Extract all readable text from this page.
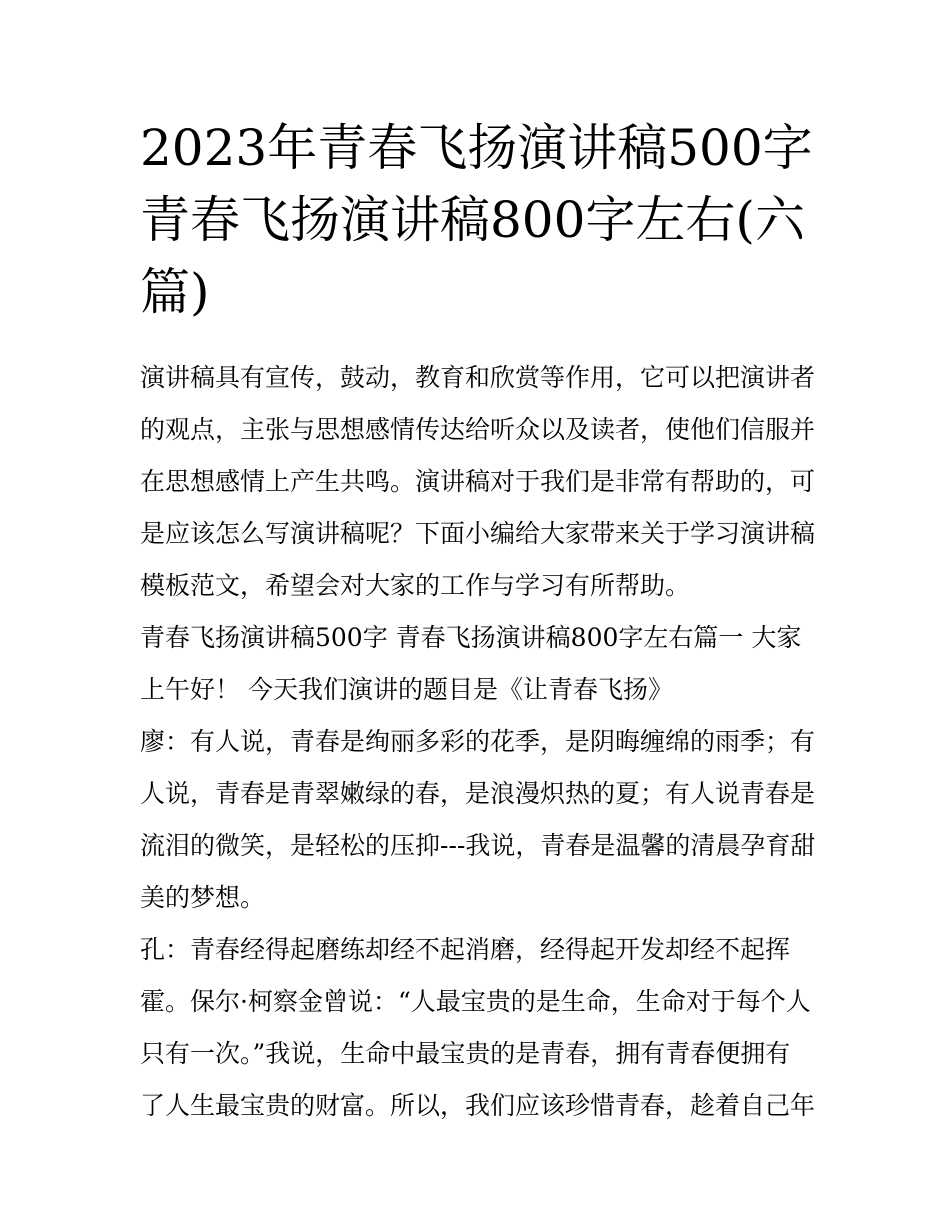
2023年青春飞扬演讲稿500字
青春飞扬演讲稿800字左右(六
篇)

演讲稿具有宣传，鼓动，教育和欣赏等作用，它可以把演讲者
的观点，主张与思想感情传达给听众以及读者，使他们信服并
在思想感情上产生共鸣。演讲稿对于我们是非常有帮助的，可
是应该怎么写演讲稿呢？下面小编给大家带来关于学习演讲稿
模板范文，希望会对大家的工作与学习有所帮助。

青春飞扬演讲稿500字 青春飞扬演讲稿800字左右篇一 大家
上午好！ 今天我们演讲的题目是《让青春飞扬》

廖：有人说，青春是绚丽多彩的花季，是阴晦缠绵的雨季；有
人说，青春是青翠嫩绿的春，是浪漫炽热的夏；有人说青春是
流泪的微笑，是轻松的压抑---我说，青春是温馨的清晨孕育甜
美的梦想。

孔：青春经得起磨练却经不起消磨，经得起开发却经不起挥
霍。保尔·柯察金曾说：“人最宝贵的是生命，生命对于每个人
只有一次。”我说，生命中最宝贵的是青春，拥有青春便拥有
了人生最宝贵的财富。所以，我们应该珍惜青春，趁着自己年
